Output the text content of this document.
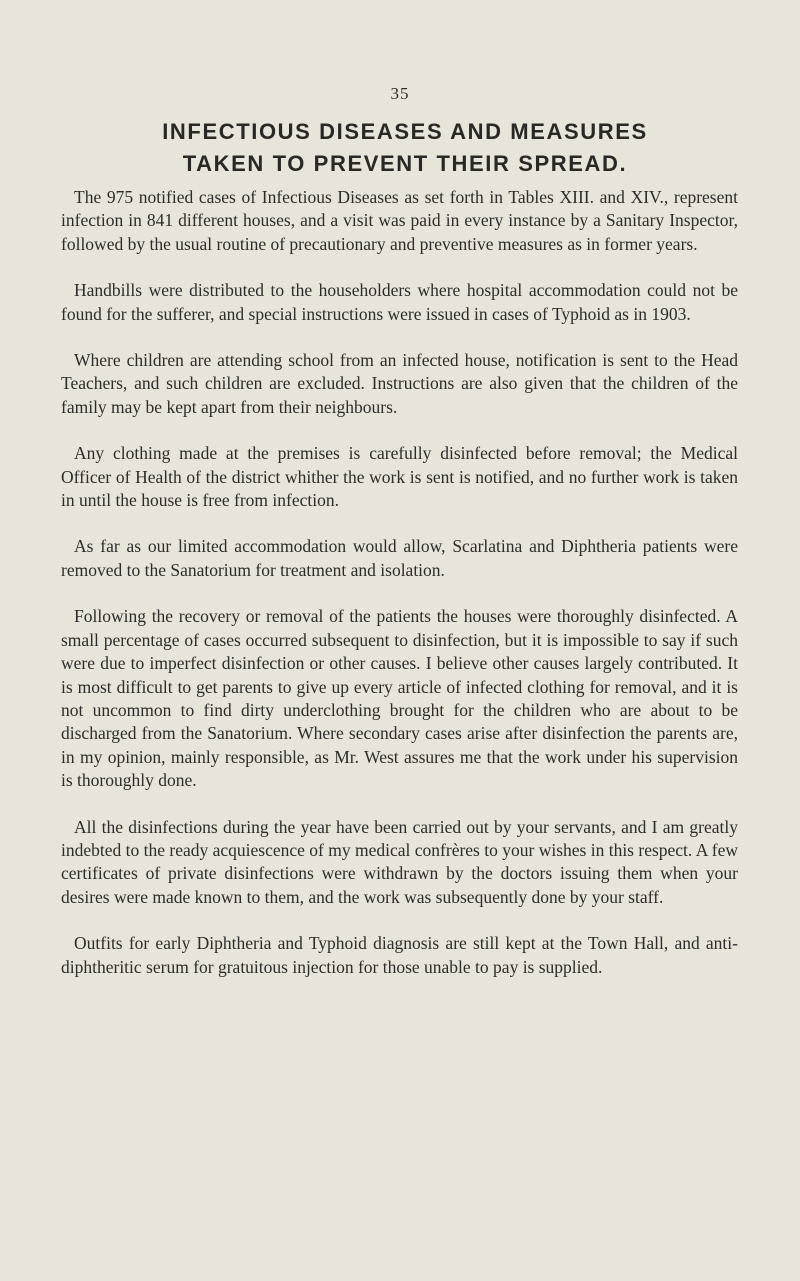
35
INFECTIOUS DISEASES AND MEASURES
TAKEN TO PREVENT THEIR SPREAD.

The 975 notified cases of Infectious Diseases as set forth in Tables XIII. and XIV., represent infection in 841 different houses, and a visit was paid in every instance by a Sanitary Inspector, followed by the usual routine of precautionary and preventive measures as in former years.

Handbills were distributed to the householders where hospital accommodation could not be found for the sufferer, and special instructions were issued in cases of Typhoid as in 1903.

Where children are attending school from an infected house, notification is sent to the Head Teachers, and such children are excluded. Instructions are also given that the children of the family may be kept apart from their neighbours.

Any clothing made at the premises is carefully disinfected before removal; the Medical Officer of Health of the district whither the work is sent is notified, and no further work is taken in until the house is free from infection.

As far as our limited accommodation would allow, Scarlatina and Diphtheria patients were removed to the Sanatorium for treatment and isolation.

Following the recovery or removal of the patients the houses were thoroughly disinfected. A small percentage of cases occurred subsequent to disinfection, but it is impossible to say if such were due to imperfect disinfection or other causes. I believe other causes largely contributed. It is most difficult to get parents to give up every article of infected clothing for removal, and it is not uncommon to find dirty underclothing brought for the children who are about to be discharged from the Sanatorium. Where secondary cases arise after disinfection the parents are, in my opinion, mainly responsible, as Mr. West assures me that the work under his supervision is thoroughly done.

All the disinfections during the year have been carried out by your servants, and I am greatly indebted to the ready acquiescence of my medical confrères to your wishes in this respect. A few certificates of private disinfections were withdrawn by the doctors issuing them when your desires were made known to them, and the work was subsequently done by your staff.

Outfits for early Diphtheria and Typhoid diagnosis are still kept at the Town Hall, and anti-diphtheritic serum for gratuitous injection for those unable to pay is supplied.
